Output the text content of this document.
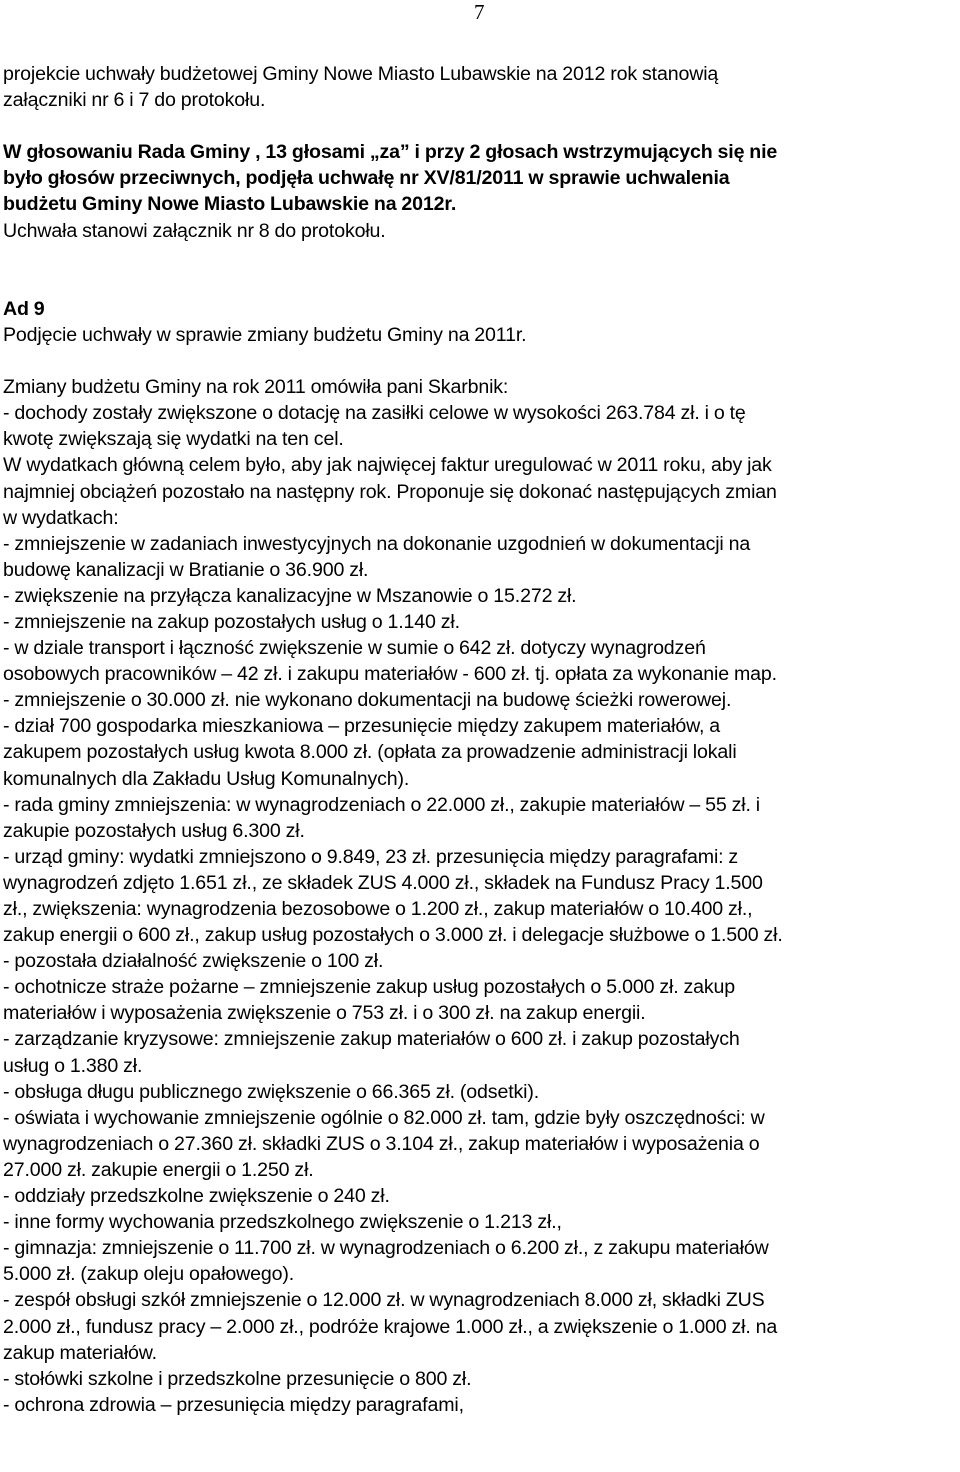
7
projekcie uchwały budżetowej Gminy Nowe Miasto Lubawskie na 2012 rok stanowią
załączniki nr 6 i 7 do protokołu.
W głosowaniu Rada Gminy , 13 głosami „za” i przy 2 głosach wstrzymujących się nie
było głosów przeciwnych, podjęła uchwałę nr XV/81/2011 w sprawie uchwalenia
budżetu Gminy Nowe Miasto Lubawskie na 2012r.
Uchwała stanowi załącznik nr 8 do protokołu.
Ad 9
Podjęcie uchwały w sprawie zmiany budżetu Gminy na 2011r.
Zmiany budżetu Gminy na rok 2011 omówiła pani Skarbnik:
- dochody zostały zwiększone o dotację na zasiłki celowe w wysokości 263.784 zł. i o tę
kwotę zwiększają się wydatki na ten cel.
W wydatkach główną celem było, aby jak najwięcej faktur uregulować w 2011 roku, aby jak
najmniej obciążeń pozostało na następny rok. Proponuje się dokonać następujących zmian
w wydatkach:
- zmniejszenie w zadaniach inwestycyjnych na dokonanie uzgodnień w dokumentacji na
budowę kanalizacji w Bratianie o 36.900 zł.
- zwiększenie na przyłącza kanalizacyjne w Mszanowie o 15.272 zł.
- zmniejszenie na zakup pozostałych usług o 1.140 zł.
- w dziale transport i łączność zwiększenie w sumie o 642 zł. dotyczy wynagrodzeń
osobowych pracowników – 42 zł. i zakupu materiałów - 600 zł. tj. opłata za wykonanie map.
- zmniejszenie o 30.000 zł. nie wykonano dokumentacji na budowę ścieżki rowerowej.
- dział 700 gospodarka mieszkaniowa – przesunięcie między zakupem materiałów, a
zakupem pozostałych usług kwota 8.000 zł. (opłata za prowadzenie administracji lokali
komunalnych dla Zakładu Usług Komunalnych).
- rada gminy zmniejszenia: w wynagrodzeniach o 22.000 zł., zakupie materiałów – 55 zł. i
zakupie pozostałych usług 6.300 zł.
- urząd gminy: wydatki zmniejszono o 9.849, 23 zł. przesunięcia między paragrafami: z
wynagrodzeń zdjęto 1.651 zł., ze składek ZUS 4.000 zł., składek na Fundusz Pracy 1.500
zł., zwiększenia: wynagrodzenia bezosobowe o 1.200 zł., zakup materiałów o 10.400 zł.,
zakup energii o 600 zł., zakup usług pozostałych o 3.000 zł. i delegacje służbowe o 1.500 zł.
- pozostała działalność zwiększenie o 100 zł.
- ochotnicze straże pożarne – zmniejszenie zakup usług pozostałych o 5.000 zł. zakup
materiałów i wyposażenia zwiększenie o 753 zł. i o 300 zł. na zakup energii.
- zarządzanie kryzysowe: zmniejszenie zakup materiałów o 600 zł. i zakup pozostałych
usług o 1.380 zł.
- obsługa długu publicznego zwiększenie o 66.365 zł. (odsetki).
- oświata i wychowanie zmniejszenie ogólnie o 82.000 zł. tam, gdzie były oszczędności: w
wynagrodzeniach o 27.360 zł. składki ZUS o 3.104 zł., zakup materiałów i wyposażenia o
27.000 zł. zakupie energii o 1.250 zł.
- oddziały przedszkolne zwiększenie o 240 zł.
- inne formy wychowania przedszkolnego zwiększenie o 1.213 zł.,
- gimnazja: zmniejszenie o 11.700 zł. w wynagrodzeniach o 6.200 zł., z zakupu materiałów
5.000 zł. (zakup oleju opałowego).
- zespół obsługi szkół zmniejszenie o 12.000 zł. w wynagrodzeniach 8.000 zł, składki ZUS
2.000 zł., fundusz pracy – 2.000 zł., podróże krajowe 1.000 zł., a zwiększenie o 1.000 zł. na
zakup materiałów.
- stołówki szkolne i przedszkolne przesunięcie o 800 zł.
- ochrona zdrowia – przesunięcia między paragrafami,
